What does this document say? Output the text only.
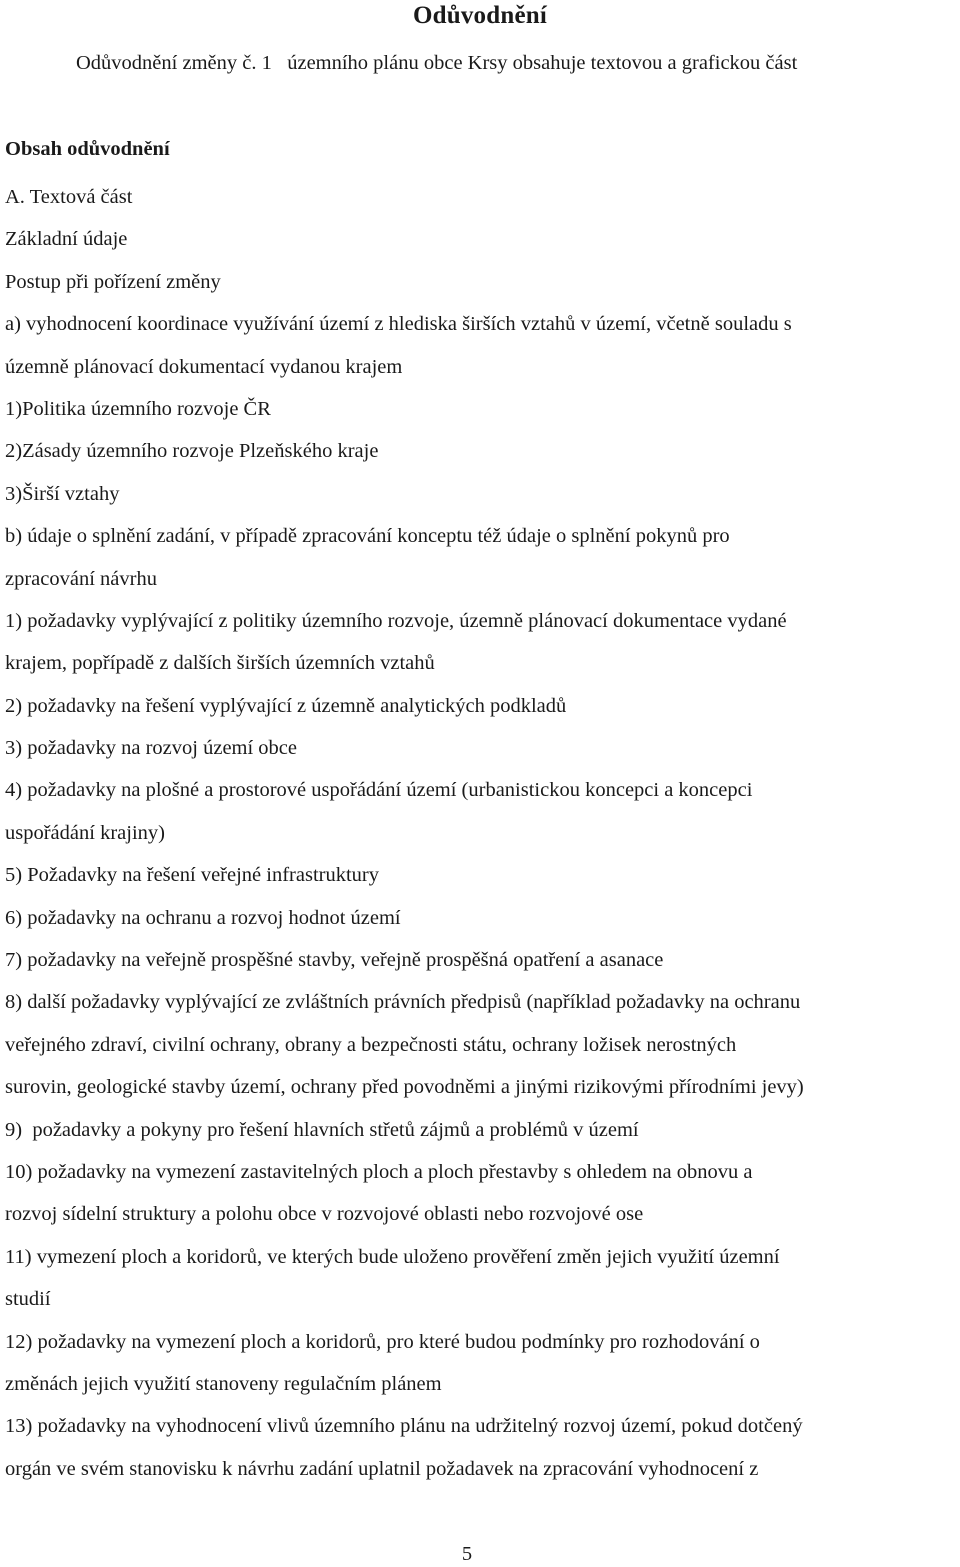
Odůvodnění

Odůvodnění změny č. 1   územního plánu obce Krsy obsahuje textovou a grafickou část

Obsah odůvodnění

A. Textová část
Základní údaje
Postup při pořízení změny
a) vyhodnocení koordinace využívání území z hlediska širších vztahů v území, včetně souladu s
územně plánovací dokumentací vydanou krajem
1)Politika územního rozvoje ČR
2)Zásady územního rozvoje Plzeňského kraje
3)Širší vztahy
b) údaje o splnění zadání, v případě zpracování konceptu též údaje o splnění pokynů pro
zpracování návrhu
1) požadavky vyplývající z politiky územního rozvoje, územně plánovací dokumentace vydané
krajem, popřípadě z dalších širších územních vztahů
2) požadavky na řešení vyplývající z územně analytických podkladů
3) požadavky na rozvoj území obce
4) požadavky na plošné a prostorové uspořádání území (urbanistickou koncepci a koncepci
uspořádání krajiny)
5) Požadavky na řešení veřejné infrastruktury
6) požadavky na ochranu a rozvoj hodnot území
7) požadavky na veřejně prospěšné stavby, veřejně prospěšná opatření a asanace
8) další požadavky vyplývající ze zvláštních právních předpisů (například požadavky na ochranu
veřejného zdraví, civilní ochrany, obrany a bezpečnosti státu, ochrany ložisek nerostných
surovin, geologické stavby území, ochrany před povodněmi a jinými rizikovými přírodními jevy)
9)  požadavky a pokyny pro řešení hlavních střetů zájmů a problémů v území
10) požadavky na vymezení zastavitelných ploch a ploch přestavby s ohledem na obnovu a
rozvoj sídelní struktury a polohu obce v rozvojové oblasti nebo rozvojové ose
11) vymezení ploch a koridorů, ve kterých bude uloženo prověření změn jejich využití územní
studií
12) požadavky na vymezení ploch a koridorů, pro které budou podmínky pro rozhodování o
změnách jejich využití stanoveny regulačním plánem
13) požadavky na vyhodnocení vlivů územního plánu na udržitelný rozvoj území, pokud dotčený
orgán ve svém stanovisku k návrhu zadání uplatnil požadavek na zpracování vyhodnocení z

5
